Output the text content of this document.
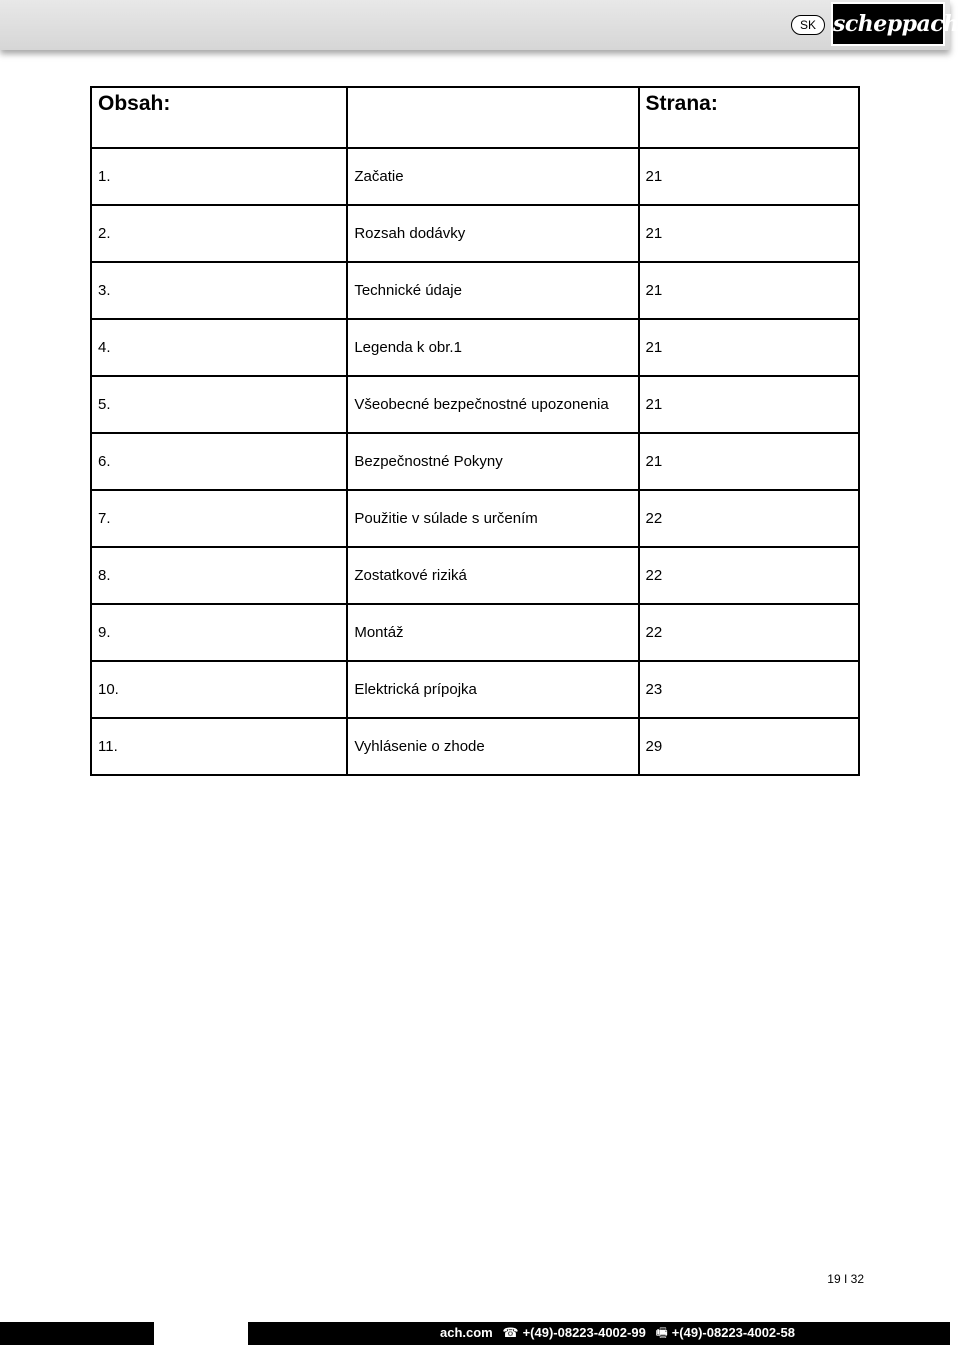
SK scheppach
Obsah:		Strana:
1.	Začatie	21
2.	Rozsah dodávky	21
3.	Technické údaje	21
4.	Legenda k obr.1	21
5.	Všeobecné bezpečnostné upozonenia	21
6.	Bezpečnostné Pokyny	21
7.	Použitie v súlade s určením	22
8.	Zostatkové riziká	22
9.	Montáž	22
10.	Elektrická prípojka	23
11.	Vyhlásenie o zhode	29
19 I 32
ach.com ☎ +(49)-08223-4002-99 🖷 +(49)-08223-4002-58
